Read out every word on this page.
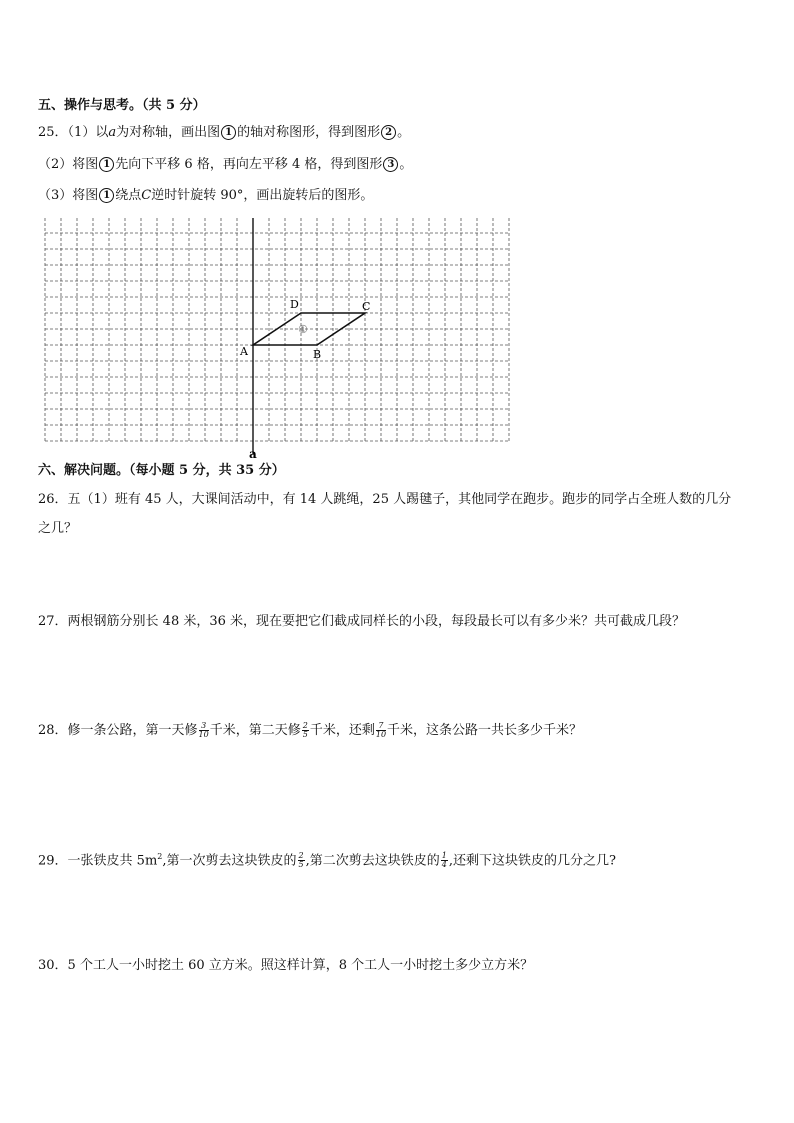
五、操作与思考。（共 5 分）
25．（1）以a为对称轴，画出图 1 的轴对称图形，得到图形 2 。
（2）将图 1 先向下平移 6 格，再向左平移 4 格，得到图形 3 。
（3）将图 1 绕点C逆时针旋转 90°，画出旋转后的图形。
A	B
C
D
①
a
六、解决问题。（每小题 5 分，共 35 分）
26．五（1）班有 45 人，大课间活动中，有 14 人跳绳，25 人踢毽子，其他同学在跑步。跑步的同学占全班人数的几分
之几？
27．两根钢筋分别长 48 米，36 米，现在要把它们截成同样长的小段，每段最长可以有多少米？共可截成几段？
28．修一条公路，第一天修 $\frac{3}{10}$ 千米，第二天修 $\frac{2}{5}$ 千米，还剩 $\frac{7}{10}$ 千米，这条公路一共长多少千米？
29．一张铁皮共 $5m^2$,第一次剪去这块铁皮的 $\frac{2}{5}$ ,第二次剪去这块铁皮的 $\frac{1}{4}$ ,还剩下这块铁皮的几分之几?
30．5 个工人一小时挖土 60 立方米。照这样计算，8 个工人一小时挖土多少立方米？
